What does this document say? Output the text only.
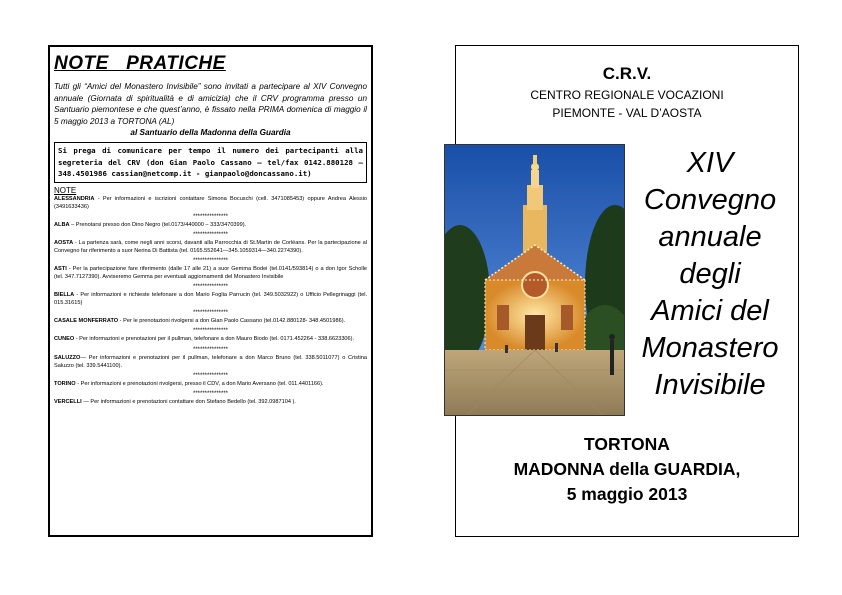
NOTE   PRATICHE
Tutti gli “Amici del Monastero Invisibile” sono invitati a partecipare al XIV Convegno annuale (Giornata di spiritualità e di amicizia) che il CRV programma presso un Santuario piemontese e che quest’anno, è fissato nella PRIMA domenica di maggio il 5 maggio 2013 a TORTONA (AL)
al Santuario della Madonna della Guardia
Si prega di comunicare per tempo il numero dei partecipanti alla segreteria del CRV (don Gian Paolo Cassano – tel/fax 0142.880128 – 348.4501986 cassian@netcomp.it - gianpaolo@doncassano.it)
NOTE
ALESSANDRIA - Per informazioni e iscrizioni contattare Simona Bocuschi (cell. 3471085453) oppure Andrea Alessio (3491633436)
***************
ALBA – Prenotarsi presso don Dino Negro (tel.0173/440000 – 333/3470399).
***************
AOSTA - La partenza sarà, come negli anni scorsi, davanti alla Parrocchia di St.Martin de Corléans. Per la partecipazione al Convegno far riferimento a suor Nerina Di Battista (tel. 0165.552641—345.1059314—340.2274390).
***************
ASTI - Per la partecipazione fare riferimento (dalle 17 alle 21) a suor Gemma Bodei (tel.0141/593814) o a don Igor Scholle (tel. 347.7127390). Avviseremo Gemma per eventuali aggiornamenti del Monastero Invisibile
***************
BIELLA - Per informazioni e richieste telefonare a don Mario Foglia Parrucin (tel. 349.5032922) o Ufficio Pellegrinaggi (tel. 015.31615)
***************
CASALE MONFERRATO - Per le prenotazioni rivolgersi a don Gian Paolo Cassano (tel.0142.880128- 348.4501986).
***************
CUNEO - Per informazioni e prenotazioni per il pullman, telefonare a don Mauro Biodo (tel. 0171.452264 - 338.6623306).
***************
SALUZZO— Per informazioni e prenotazioni per il pullman, telefonare a don Marco Bruno (tel. 338.5011077) o Cristina Saluzzo (tel. 339.5441100).
***************
TORINO - Per informazioni e prenotazioni rivolgersi, presso il CDV, a don Mario Aversano (tel. 011.4401166).
***************
VERCELLI — Per informazioni e prenotazioni contattare don Stefano Bedello (tel. 392.0987104 ).
C.R.V.
CENTRO REGIONALE VOCAZIONI
PIEMONTE - VAL D’AOSTA
XIV
Convegno
annuale
degli
Amici del
Monastero
Invisibile
TORTONA
MADONNA della GUARDIA,
5 maggio 2013
